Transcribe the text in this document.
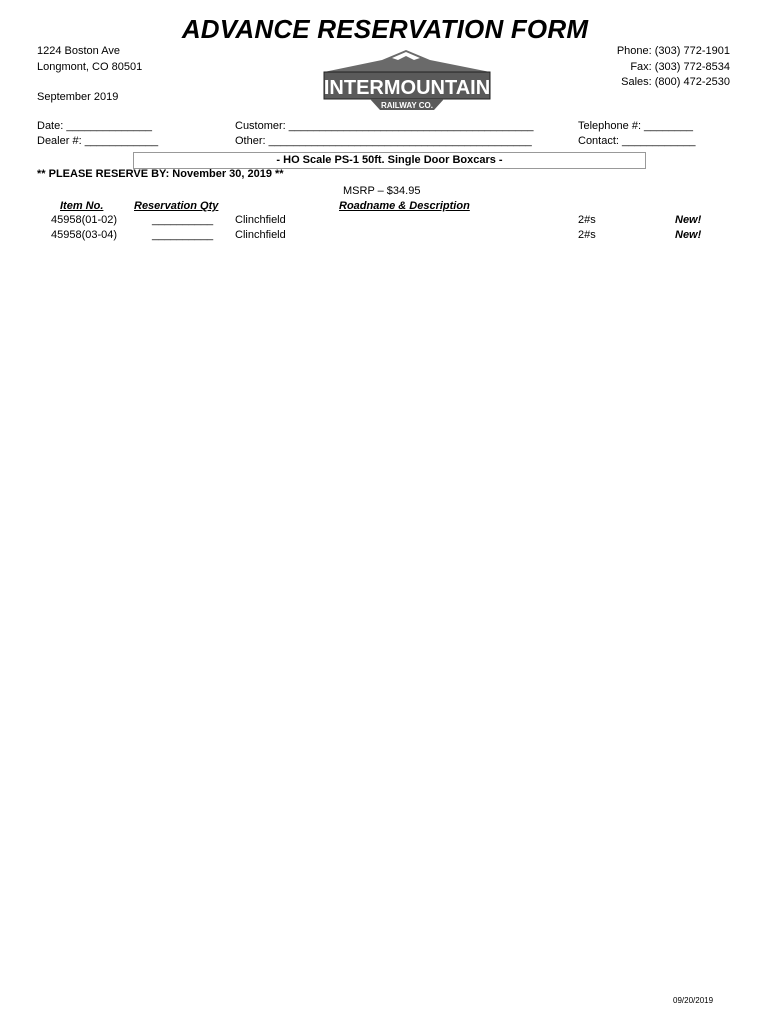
ADVANCE RESERVATION FORM
1224 Boston Ave
Longmont, CO 80501
Phone: (303) 772-1901
Fax: (303) 772-8534
Sales: (800) 472-2530
INTERMOUNTAIN
RAILWAY CO.
September 2019
Date: ______________
Dealer #: ____________
Customer: ________________________________________
Other: ___________________________________________
Telephone #: ________
Contact: ____________
- HO Scale PS-1 50ft. Single Door Boxcars -
** PLEASE RESERVE BY: November 30, 2019 **
MSRP – $34.95
Item No.	Reservation Qty	Roadname & Description
45958(01-02)	__________ Clinchfield	2#s	New!
45958(03-04)	__________ Clinchfield	2#s	New!
09/20/2019
